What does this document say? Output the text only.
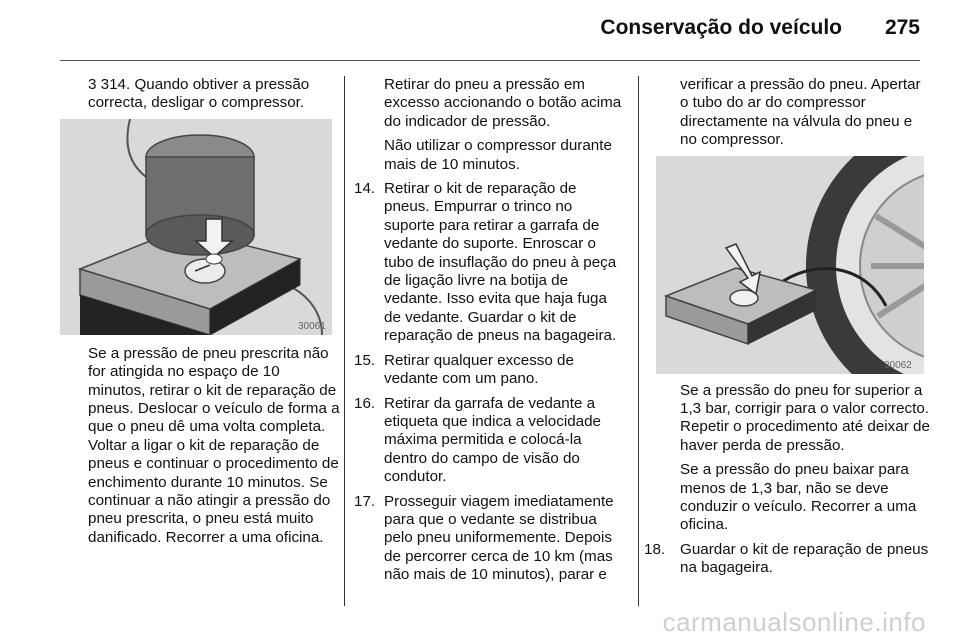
Conservação do veículo 275

3 314. Quando obtiver a pressão correcta, desligar o compressor.

30061

Se a pressão de pneu prescrita não for atingida no espaço de 10 minutos, retirar o kit de reparação de pneus. Deslocar o veículo de forma a que o pneu dê uma volta completa. Voltar a ligar o kit de reparação de pneus e continuar o procedimento de enchimento durante 10 minutos. Se continuar a não atingir a pressão do pneu prescrita, o pneu está muito danificado. Recorrer a uma oficina.

Retirar do pneu a pressão em excesso accionando o botão acima do indicador de pressão.

Não utilizar o compressor durante mais de 10 minutos.

14. Retirar o kit de reparação de pneus. Empurrar o trinco no suporte para retirar a garrafa de vedante do suporte. Enroscar o tubo de insuflação do pneu à peça de ligação livre na botija de vedante. Isso evita que haja fuga de vedante. Guardar o kit de reparação de pneus na bagageira.
15. Retirar qualquer excesso de vedante com um pano.
16. Retirar da garrafa de vedante a etiqueta que indica a velocidade máxima permitida e colocá-la dentro do campo de visão do condutor.
17. Prosseguir viagem imediatamente para que o vedante se distribua pelo pneu uniformemente. Depois de percorrer cerca de 10 km (mas não mais de 10 minutos), parar e

verificar a pressão do pneu. Apertar o tubo do ar do compressor directamente na válvula do pneu e no compressor.

30062

Se a pressão do pneu for superior a 1,3 bar, corrigir para o valor correcto. Repetir o procedimento até deixar de haver perda de pressão.

Se a pressão do pneu baixar para menos de 1,3 bar, não se deve conduzir o veículo. Recorrer a uma oficina.

18. Guardar o kit de reparação de pneus na bagageira.
carmanualsonline.info
